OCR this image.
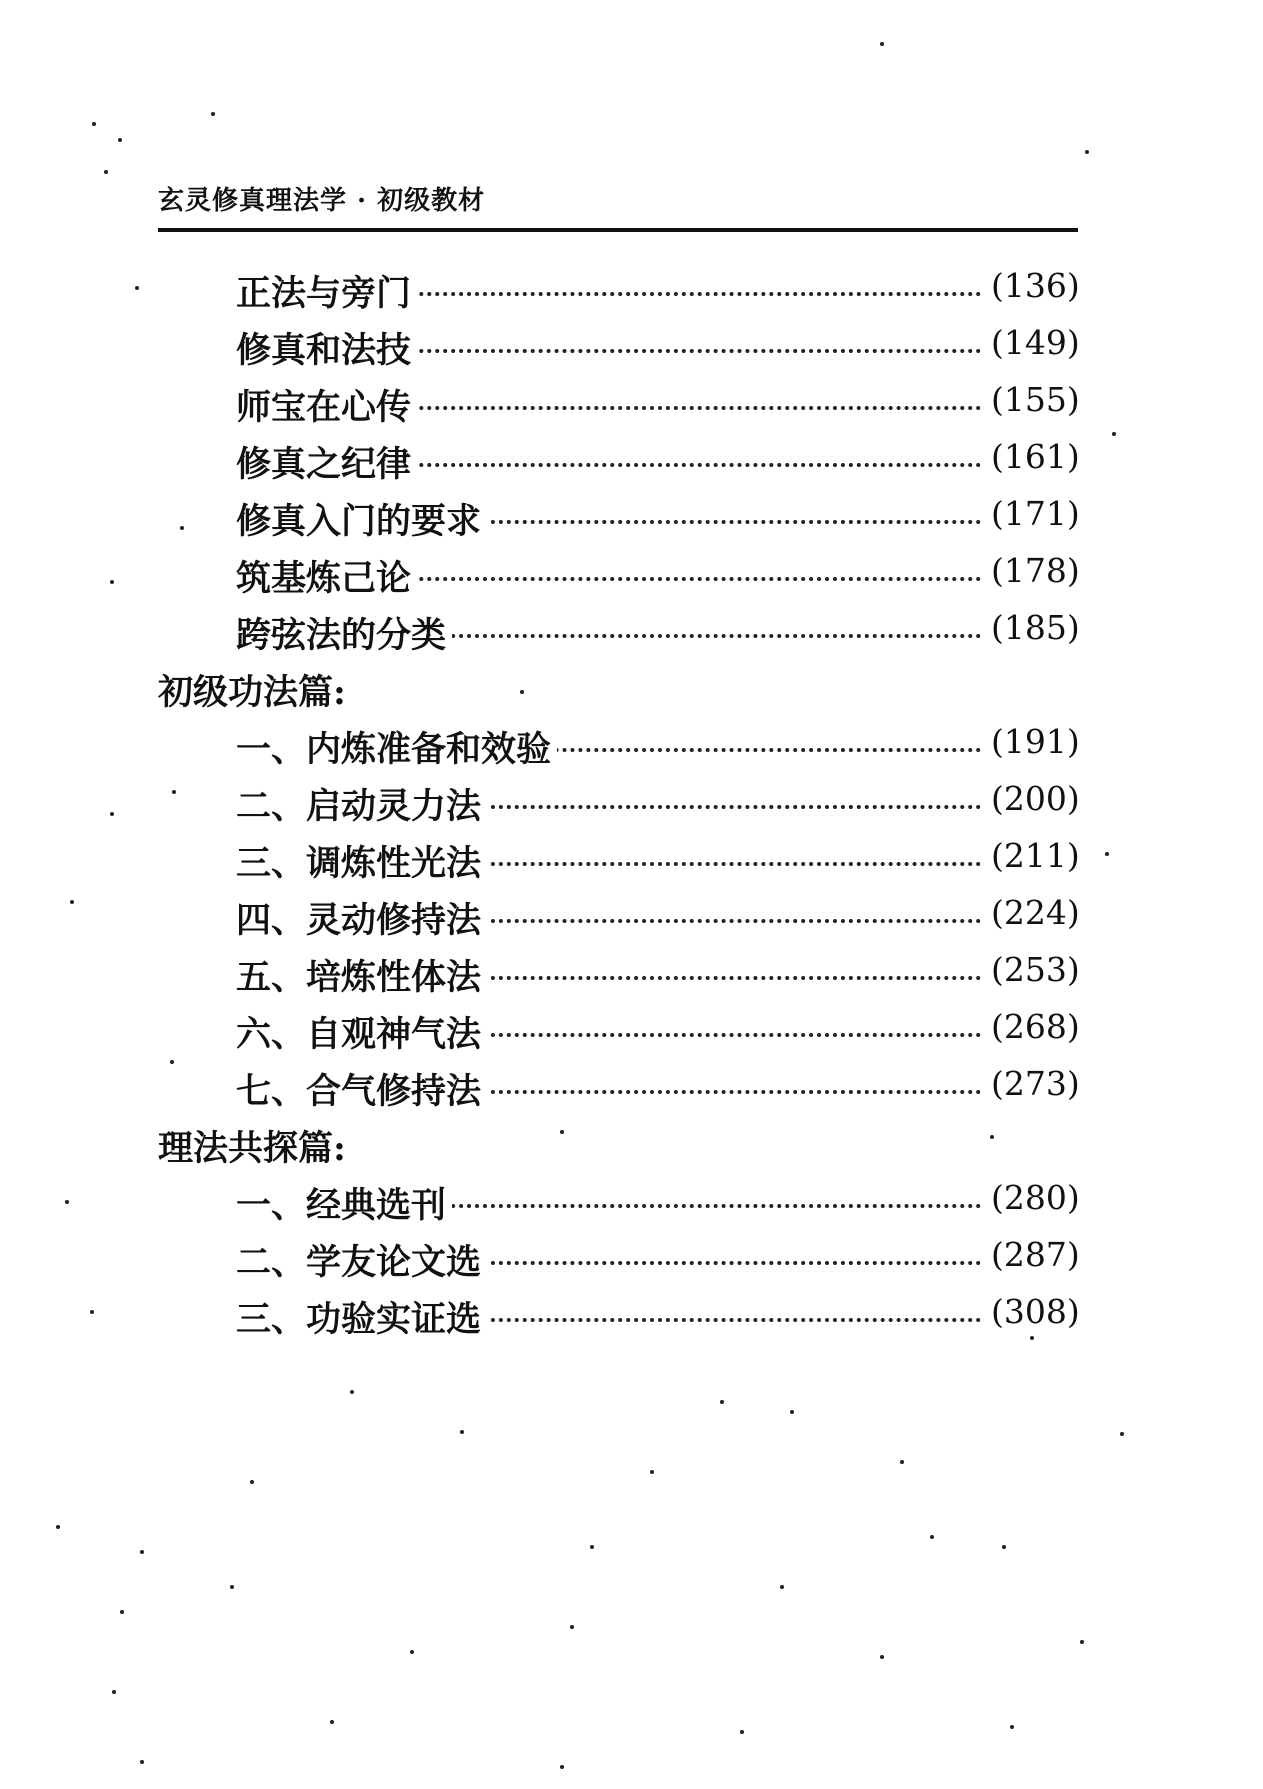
玄灵修真理法学 · 初级教材
正法与旁门	(136)
修真和法技	(149)
师宝在心传	(155)
修真之纪律	(161)
修真入门的要求	(171)
筑基炼己论	(178)
跨弦法的分类	(185)
初级功法篇:
一、内炼准备和效验	(191)
二、启动灵力法	(200)
三、调炼性光法	(211)
四、灵动修持法	(224)
五、培炼性体法	(253)
六、自观神气法	(268)
七、合气修持法	(273)
理法共探篇:
一、经典选刊	(280)
二、学友论文选	(287)
三、功验实证选	(308)
